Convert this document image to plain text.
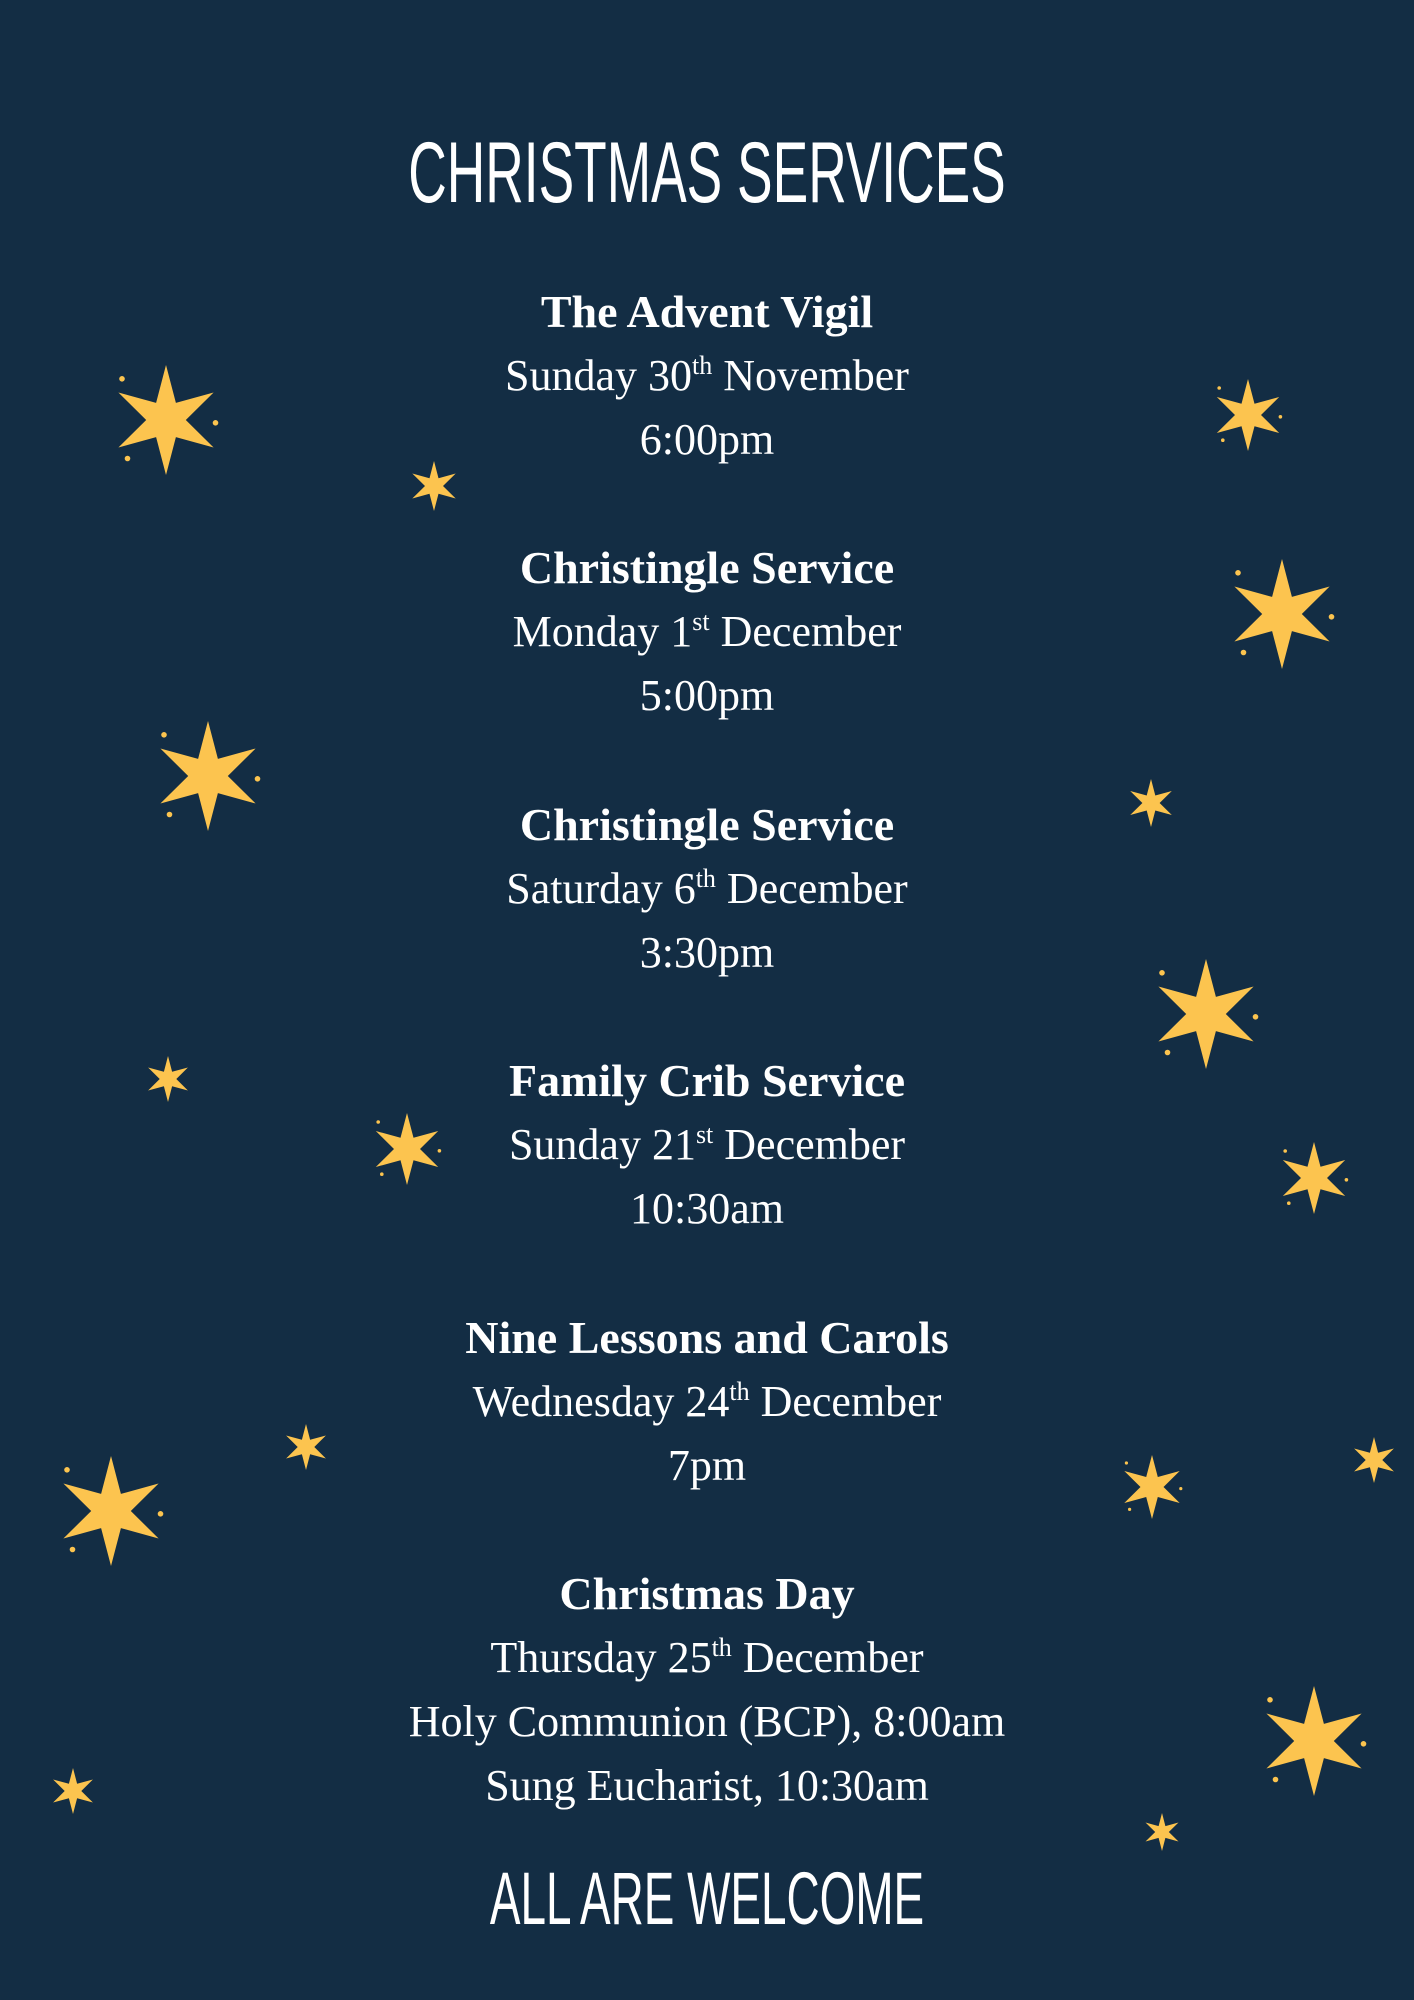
CHRISTMAS SERVICES
The Advent Vigil
Sunday 30th November
6:00pm
Christingle Service
Monday 1st December
5:00pm
Christingle Service
Saturday 6th December
3:30pm
Family Crib Service
Sunday 21st December
10:30am
Nine Lessons and Carols
Wednesday 24th December
7pm
Christmas Day
Thursday 25th December
Holy Communion (BCP), 8:00am
Sung Eucharist, 10:30am
ALL ARE WELCOME
